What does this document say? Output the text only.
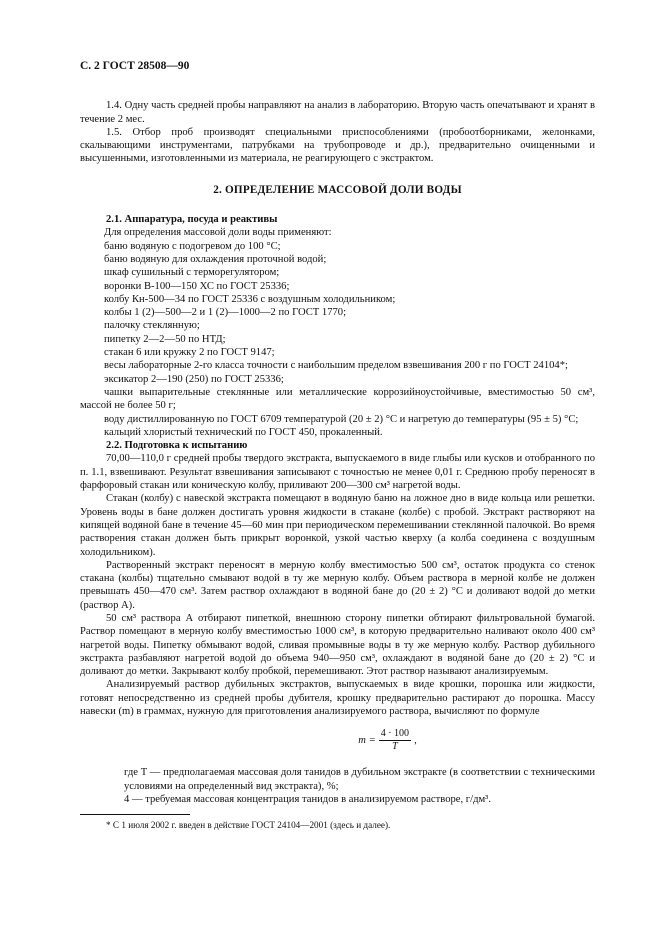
С. 2 ГОСТ 28508—90

1.4. Одну часть средней пробы направляют на анализ в лабораторию. Вторую часть опечатывают и хранят в течение 2 мес.

1.5. Отбор проб производят специальными приспособлениями (пробоотборниками, желонками, скалывающими инструментами, патрубками на трубопроводе и др.), предварительно очищенными и высушенными, изготовленными из материала, не реагирующего с экстрактом.

2. ОПРЕДЕЛЕНИЕ МАССОВОЙ ДОЛИ ВОДЫ

2.1. Аппаратура, посуда и реактивы

Для определения массовой доли воды применяют:

баню водяную с подогревом до 100 °С;

баню водяную для охлаждения проточной водой;

шкаф сушильный с терморегулятором;

воронки В-100—150 ХС по ГОСТ 25336;

колбу Кн-500—34 по ГОСТ 25336 с воздушным холодильником;

колбы 1 (2)—500—2 и 1 (2)—1000—2 по ГОСТ 1770;

палочку стеклянную;

пипетку 2—2—50 по НТД;

стакан 6 или кружку 2 по ГОСТ 9147;

весы лабораторные 2-го класса точности с наибольшим пределом взвешивания 200 г по ГОСТ 24104*;

эксикатор 2—190 (250) по ГОСТ 25336;

чашки выпарительные стеклянные или металлические коррозийноустойчивые, вместимостью 50 см³, массой не более 50 г;

воду дистиллированную по ГОСТ 6709 температурой (20 ± 2) °С и нагретую до температуры (95 ± 5) °С;

кальций хлористый технический по ГОСТ 450, прокаленный.

2.2. Подготовка к испытанию

70,00—110,0 г средней пробы твердого экстракта, выпускаемого в виде глыбы или кусков и отобранного по п. 1.1, взвешивают. Результат взвешивания записывают с точностью не менее 0,01 г. Среднюю пробу переносят в фарфоровый стакан или коническую колбу, приливают 200—300 см³ нагретой воды.

Стакан (колбу) с навеской экстракта помещают в водяную баню на ложное дно в виде кольца или решетки. Уровень воды в бане должен достигать уровня жидкости в стакане (колбе) с пробой. Экстракт растворяют на кипящей водяной бане в течение 45—60 мин при периодическом перемешивании стеклянной палочкой. Во время растворения стакан должен быть прикрыт воронкой, узкой частью кверху (а колба соединена с воздушным холодильником).

Растворенный экстракт переносят в мерную колбу вместимостью 500 см³, остаток продукта со стенок стакана (колбы) тщательно смывают водой в ту же мерную колбу. Объем раствора в мерной колбе не должен превышать 450—470 см³. Затем раствор охлаждают в водяной бане до (20 ± 2) °С и доливают водой до метки (раствор А).

50 см³ раствора А отбирают пипеткой, внешнюю сторону пипетки обтирают фильтровальной бумагой. Раствор помещают в мерную колбу вместимостью 1000 см³, в которую предварительно наливают около 400 см³ нагретой воды. Пипетку обмывают водой, сливая промывные воды в ту же мерную колбу. Раствор дубильного экстракта разбавляют нагретой водой до объема 940—950 см³, охлаждают в водяной бане до (20 ± 2) °С и доливают до метки. Закрывают колбу пробкой, перемешивают. Этот раствор называют анализируемым.

Анализируемый раствор дубильных экстрактов, выпускаемых в виде крошки, порошка или жидкости, готовят непосредственно из средней пробы дубителя, крошку предварительно растирают до порошка. Массу навески (m) в граммах, нужную для приготовления анализируемого раствора, вычисляют по формуле

$m = \frac{4 \cdot 100}{T}$ ,

где T — предполагаемая массовая доля танидов в дубильном экстракте (в соответствии с техническими условиями на определенный вид экстракта), %;

4 — требуемая массовая концентрация танидов в анализируемом растворе, г/дм³.

* С 1 июля 2002 г. введен в действие ГОСТ 24104—2001 (здесь и далее).
